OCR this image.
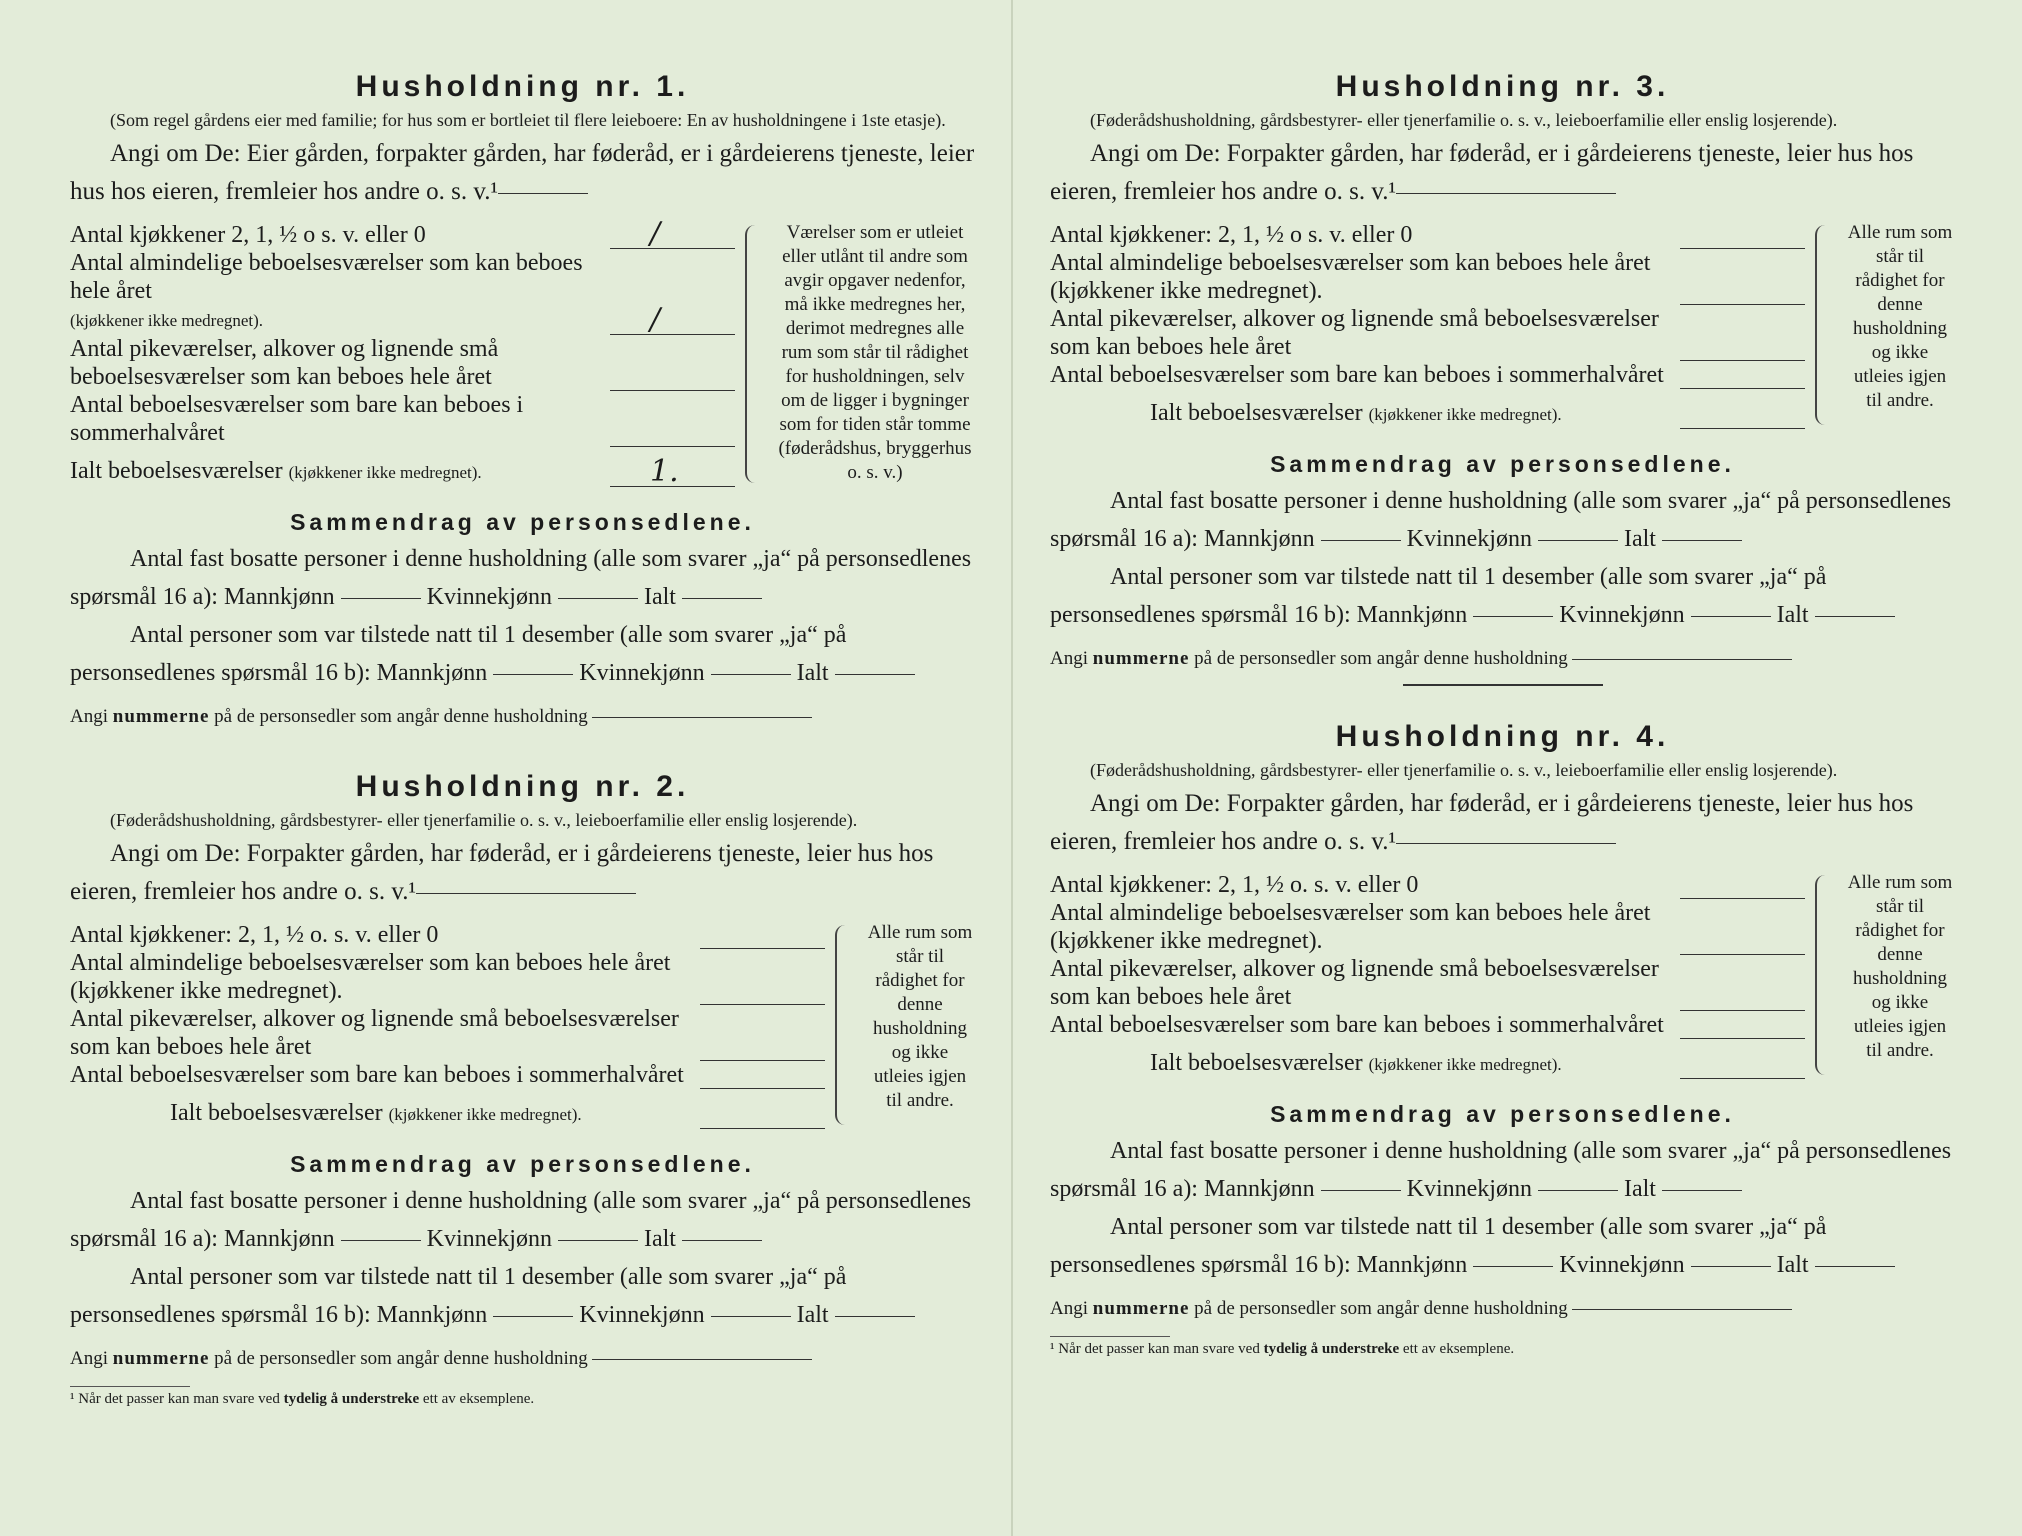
Husholdning nr. 1.

(Som regel gårdens eier med familie; for hus som er bortleiet til flere leieboere: En av husholdningene i 1ste etasje).

Angi om De: Eier gården, forpakter gården, har føderåd, er i gårdeierens tjeneste, leier hus hos eieren, fremleier hos andre o. s. v.¹

Antal kjøkkener 2, 1, ½ o s. v. eller 0	/
Antal almindelige beboelsesværelser som kan beboes hele året
(kjøkkener ikke medregnet).	/
Antal pikeværelser, alkover og lignende små beboelsesværelser som kan beboes hele året
Antal beboelsesværelser som bare kan beboes i sommerhalvåret
Ialt beboelsesværelser (kjøkkener ikke medregnet).	1.
Værelser som er utleiet eller utlånt til andre som avgir opgaver nedenfor, må ikke medregnes her, derimot medregnes alle rum som står til rådighet for husholdningen, selv om de ligger i bygninger som for tiden står tomme (føderådshus, bryggerhus o. s. v.)
Sammendrag av personsedlene.

Antal fast bosatte personer i denne husholdning (alle som svarer „ja“ på personsedlenes spørsmål 16 a): Mannkjønn	Kvinnekjønn	Ialt

Antal personer som var tilstede natt til 1 desember (alle som svarer „ja“ på personsedlenes spørsmål 16 b): Mannkjønn	Kvinnekjønn	Ialt

Angi nummerne på de personsedler som angår denne husholdning

Husholdning nr. 2.

(Føderådshusholdning, gårdsbestyrer- eller tjenerfamilie o. s. v., leieboerfamilie eller enslig losjerende).

Angi om De: Forpakter gården, har føderåd, er i gårdeierens tjeneste, leier hus hos eieren, fremleier hos andre o. s. v.¹

Antal kjøkkener: 2, 1, ½ o. s. v. eller 0
Antal almindelige beboelsesværelser som kan beboes hele året (kjøkkener ikke medregnet).
Antal pikeværelser, alkover og lignende små beboelsesværelser som kan beboes hele året
Antal beboelsesværelser som bare kan beboes i sommerhalvåret
Ialt beboelsesværelser (kjøkkener ikke medregnet).
Alle rum som står til rådighet for denne husholdning og ikke utleies igjen til andre.
Sammendrag av personsedlene.

Antal fast bosatte personer i denne husholdning (alle som svarer „ja“ på personsedlenes spørsmål 16 a): Mannkjønn	Kvinnekjønn	Ialt

Antal personer som var tilstede natt til 1 desember (alle som svarer „ja“ på personsedlenes spørsmål 16 b): Mannkjønn	Kvinnekjønn	Ialt

Angi nummerne på de personsedler som angår denne husholdning

¹ Når det passer kan man svare ved tydelig å understreke ett av eksemplene.
Husholdning nr. 3.

(Føderådshusholdning, gårdsbestyrer- eller tjenerfamilie o. s. v., leieboerfamilie eller enslig losjerende).

Angi om De: Forpakter gården, har føderåd, er i gårdeierens tjeneste, leier hus hos eieren, fremleier hos andre o. s. v.¹

Antal kjøkkener: 2, 1, ½ o s. v. eller 0
Antal almindelige beboelsesværelser som kan beboes hele året (kjøkkener ikke medregnet).
Antal pikeværelser, alkover og lignende små beboelsesværelser som kan beboes hele året
Antal beboelsesværelser som bare kan beboes i sommerhalvåret
Ialt beboelsesværelser (kjøkkener ikke medregnet).
Alle rum som står til rådighet for denne husholdning og ikke utleies igjen til andre.
Sammendrag av personsedlene.

Antal fast bosatte personer i denne husholdning (alle som svarer „ja“ på personsedlenes spørsmål 16 a): Mannkjønn	Kvinnekjønn	Ialt

Antal personer som var tilstede natt til 1 desember (alle som svarer „ja“ på personsedlenes spørsmål 16 b): Mannkjønn	Kvinnekjønn	Ialt

Angi nummerne på de personsedler som angår denne husholdning

Husholdning nr. 4.

(Føderådshusholdning, gårdsbestyrer- eller tjenerfamilie o. s. v., leieboerfamilie eller enslig losjerende).

Angi om De: Forpakter gården, har føderåd, er i gårdeierens tjeneste, leier hus hos eieren, fremleier hos andre o. s. v.¹

Antal kjøkkener: 2, 1, ½ o. s. v. eller 0
Antal almindelige beboelsesværelser som kan beboes hele året (kjøkkener ikke medregnet).
Antal pikeværelser, alkover og lignende små beboelsesværelser som kan beboes hele året
Antal beboelsesværelser som bare kan beboes i sommerhalvåret
Ialt beboelsesværelser (kjøkkener ikke medregnet).
Alle rum som står til rådighet for denne husholdning og ikke utleies igjen til andre.
Sammendrag av personsedlene.

Antal fast bosatte personer i denne husholdning (alle som svarer „ja“ på personsedlenes spørsmål 16 a): Mannkjønn	Kvinnekjønn	Ialt

Antal personer som var tilstede natt til 1 desember (alle som svarer „ja“ på personsedlenes spørsmål 16 b): Mannkjønn	Kvinnekjønn	Ialt

Angi nummerne på de personsedler som angår denne husholdning

¹ Når det passer kan man svare ved tydelig å understreke ett av eksemplene.
